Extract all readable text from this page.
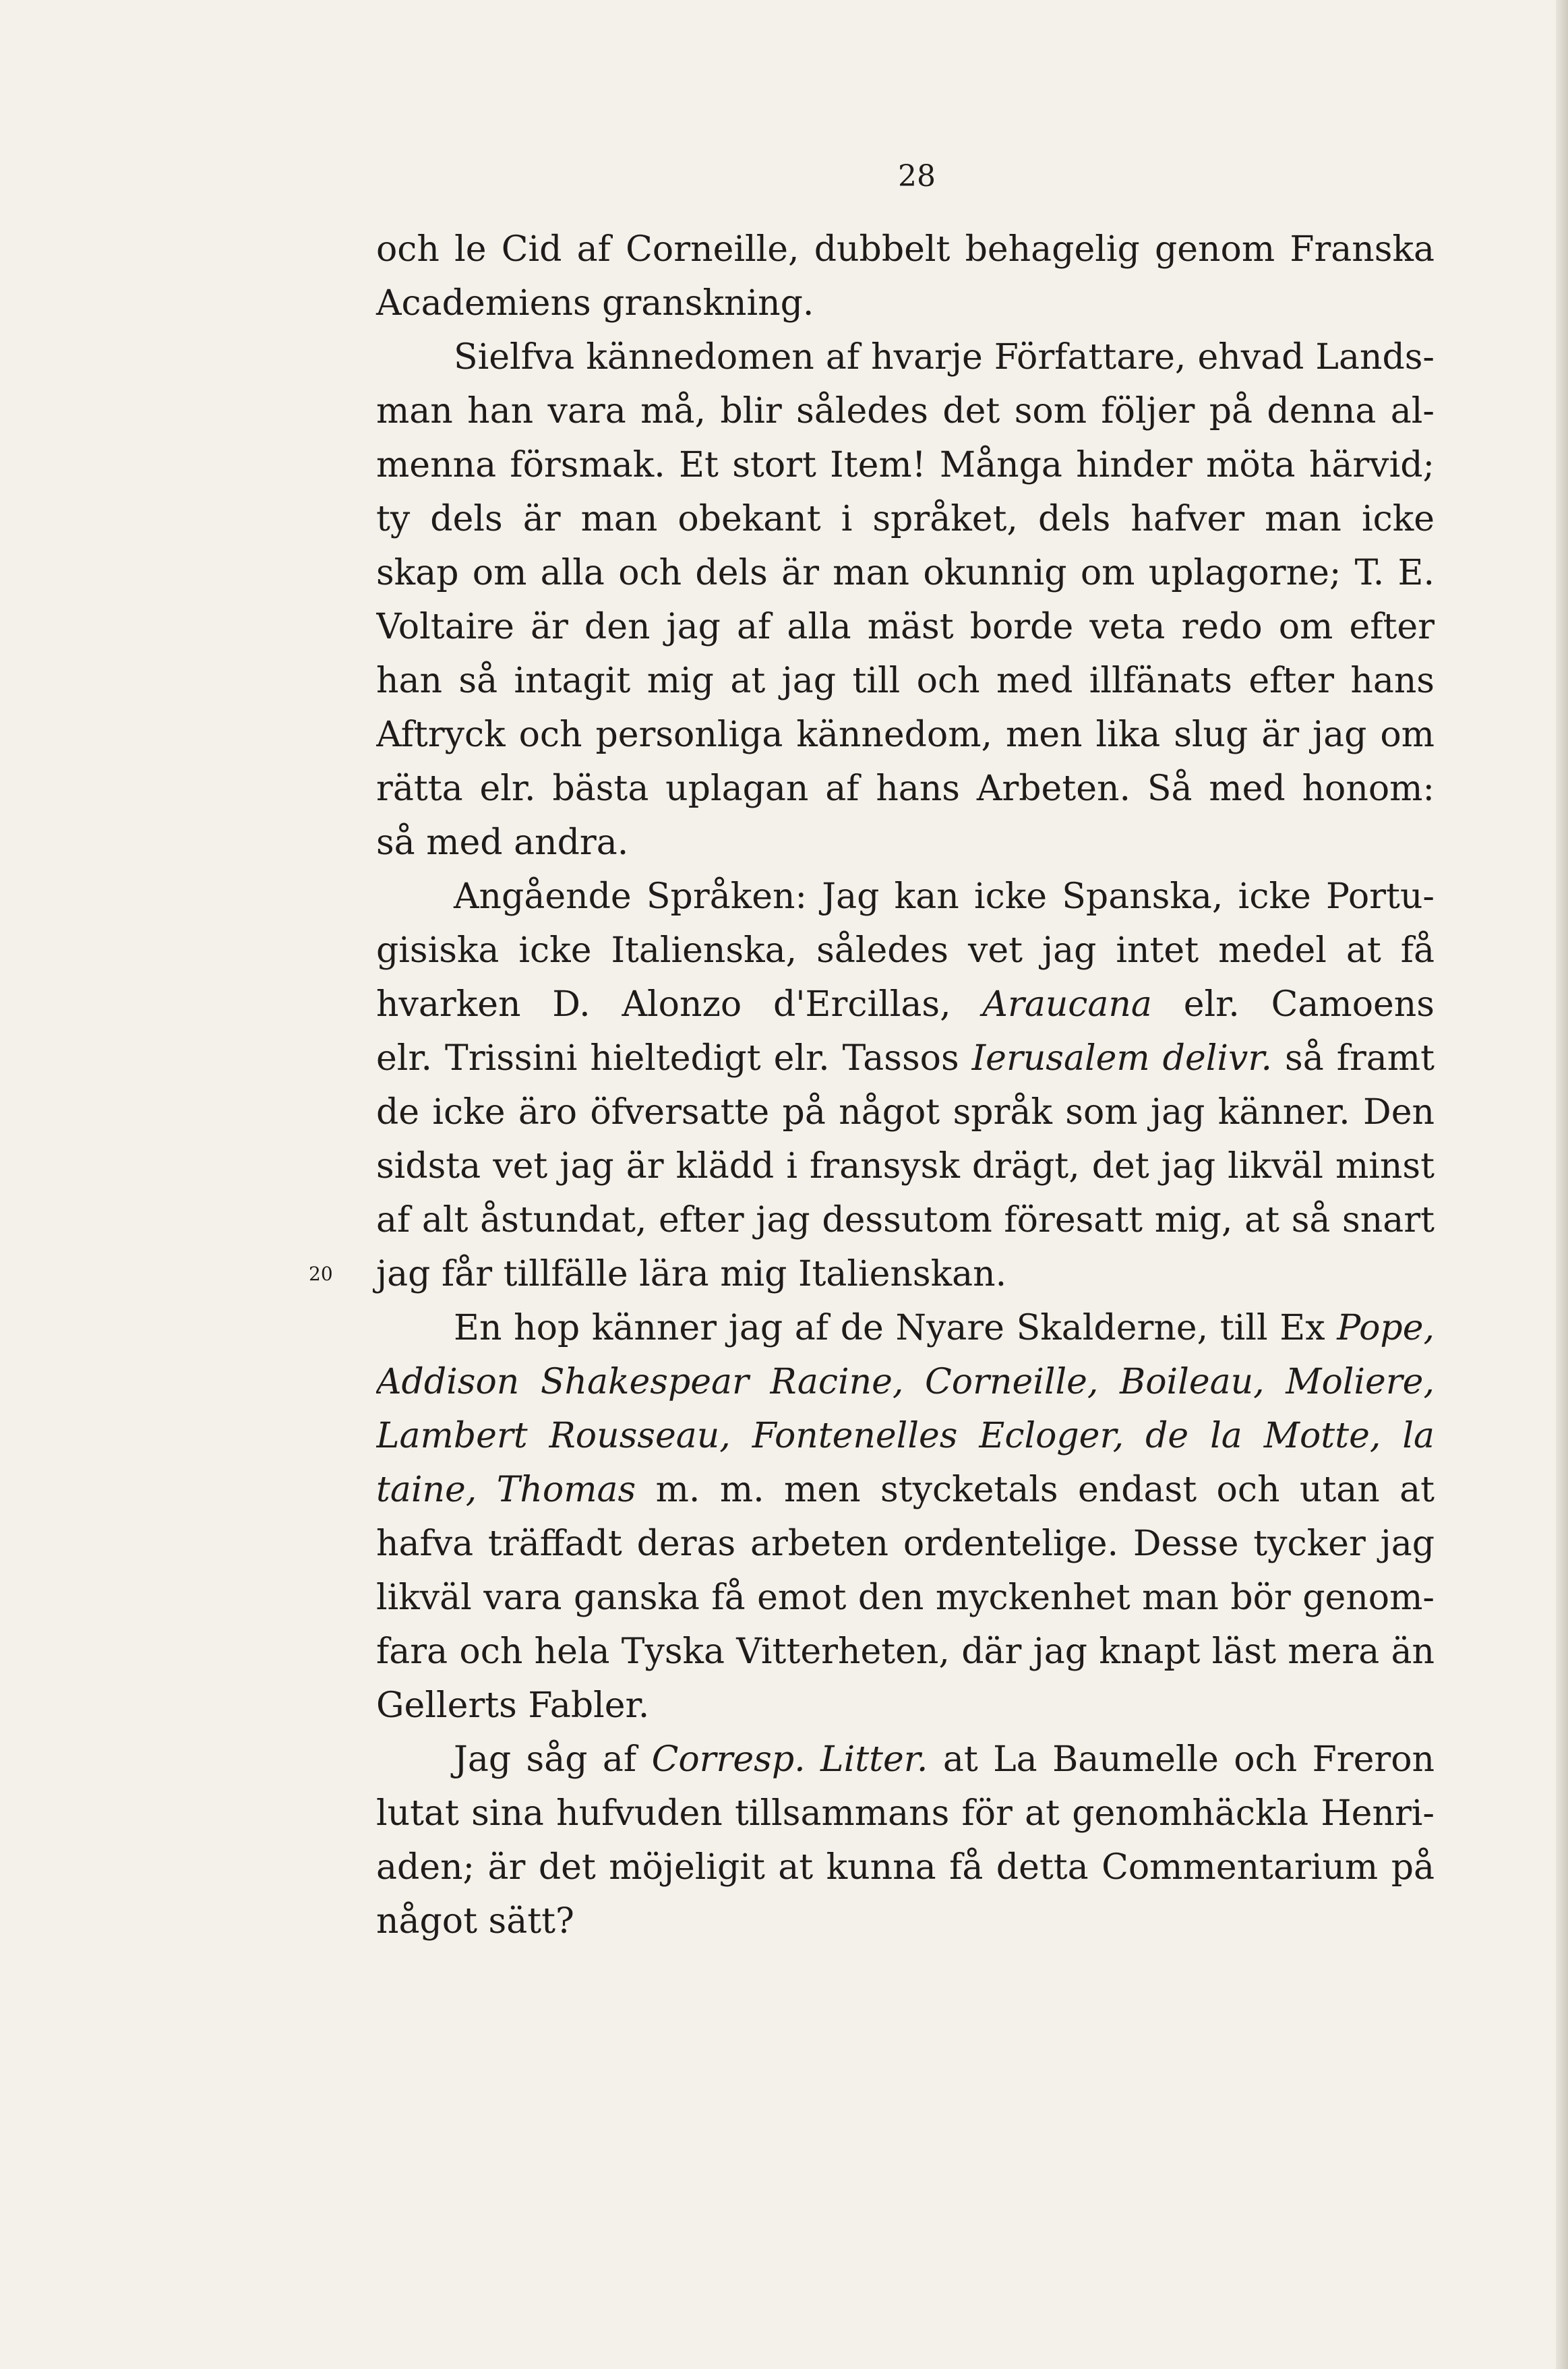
28
och le Cid af Corneille, dubbelt behagelig genom Franska
Academiens granskning.
Sielfva kännedomen af hvarje Författare, ehvad Lands-
man han vara må, blir således det som följer på denna al-
menna försmak. Et stort Item! Många hinder möta härvid;
ty dels är man obekant i språket, dels hafver man icke
skap om alla och dels är man okunnig om uplagorne; T. E.
Voltaire är den jag af alla mäst borde veta redo om efter
han så intagit mig at jag till och med illfänats efter hans
Aftryck och personliga kännedom, men lika slug är jag om
rätta elr. bästa uplagan af hans Arbeten. Så med honom:
så med andra.
Angående Språken: Jag kan icke Spanska, icke Portu-
gisiska icke Italienska, således vet jag intet medel at få
hvarken D. Alonzo d'Ercillas, Araucana elr. Camoens
elr. Trissini hieltedigt elr. Tassos Ierusalem delivr. så framt
de icke äro öfversatte på något språk som jag känner. Den
sidsta vet jag är klädd i fransysk drägt, det jag likväl minst
af alt åstundat, efter jag dessutom föresatt mig, at så snart
20	jag får tillfälle lära mig Italienskan.
En hop känner jag af de Nyare Skalderne, till Ex Pope,
Addison Shakespear Racine, Corneille, Boileau, Moliere,
Lambert Rousseau, Fontenelles Ecloger, de la Motte, la
taine, Thomas m. m. men stycketals endast och utan at
hafva träffadt deras arbeten ordentelige. Desse tycker jag
likväl vara ganska få emot den myckenhet man bör genom-
fara och hela Tyska Vitterheten, där jag knapt läst mera än
Gellerts Fabler.
Jag såg af Corresp. Litter. at La Baumelle och Freron
lutat sina hufvuden tillsammans för at genomhäckla Henri-
aden; är det möjeligit at kunna få detta Commentarium på
något sätt?
